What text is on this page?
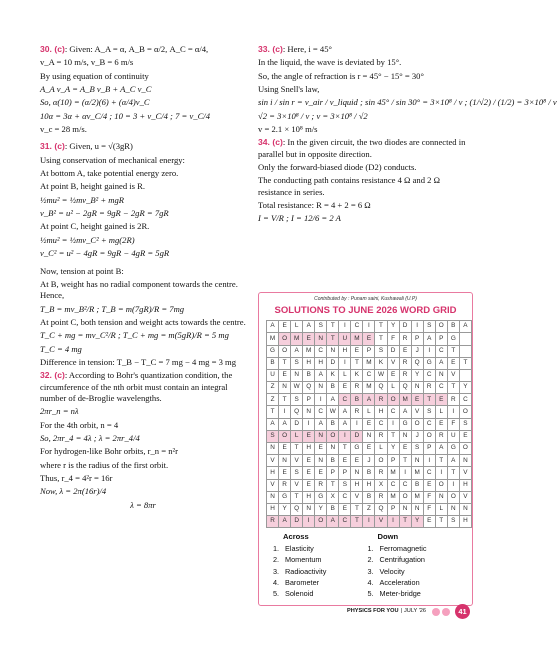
30. (c): Given: A_A = α, A_B = α/2, A_C = α/4,
v_A = 10 m/s, v_B = 6 m/s
By using equation of continuity
A_A v_A = A_B v_B + A_C v_C
So, α(10) = (α/2)(6) + (α/4)v_C
10α = 3α + αv_C/4 ; 10 = 3 + v_C/4 ; 7 = v_C/4
v_c = 28 m/s.
31. (c): Given, u = √(3gR)
Using conservation of mechanical energy:
At bottom A, take potential energy zero.
At point B, height gained is R.
½mu² = ½mv_B² + mgR
v_B² = u² − 2gR = 9gR − 2gR = 7gR
At point C, height gained is 2R.
½mu² = ½mv_C² + mg(2R)
v_C² = u² − 4gR = 9gR − 4gR = 5gR
Now, tension at point B:
At B, weight has no radial component towards the centre. Hence,
T_B = mv_B²/R ; T_B = m(7gR)/R = 7mg
At point C, both tension and weight acts towards the centre.
T_C + mg = mv_C²/R ; T_C + mg = m(5gR)/R = 5 mg
T_C = 4 mg
Difference in tension: T_B − T_C = 7 mg − 4 mg = 3 mg
32. (c): According to Bohr's quantization condition, the circumference of the nth orbit must contain an integral number of de-Broglie wavelengths.
2πr_n = nλ
For the 4th orbit, n = 4
So, 2πr_4 = 4λ ; λ = 2πr_4/4
For hydrogen-like Bohr orbits, r_n = n²r
where r is the radius of the first orbit.
Thus, r_4 = 4²r = 16r
Now, λ = 2π(16r)/4
λ = 8πr
33. (c): Here, i = 45°
In the liquid, the wave is deviated by 15°.
So, the angle of refraction is r = 45° − 15° = 30°
Using Snell's law,
sin i / sin r = v_air / v_liquid ; sin 45° / sin 30° = 3×10⁸ / v ; (1/√2) / (1/2) = 3×10⁸ / v
√2 = 3×10⁸ / v ; v = 3×10⁸ / √2
v = 2.1 × 10⁸ m/s
34. (c): In the given circuit, the two diodes are connected in parallel but in opposite direction.
Only the forward-biased diode (D2) conducts.
The conducting path contains resistance 4 Ω and 2 Ω resistance in series.
Total resistance: R = 4 + 2 = 6 Ω
I = V/R ; I = 12/6 = 2 A
Contributed by : Punam saini, Kushawali (U.P)
SOLUTIONS TO JUNE 2026 WORD GRID
A	E	L	A	S	T	I	C	I	T	Y	D	I	S	O	B	A
M	O	M	E	N	T	U	M	E	T	F	R	P	A	P	G	
G	O	A	M	C	N	H	E	P	S	D	E	J	I	C	T	
B	T	S	H	H	D	I	T	M	K	V	R	Q	G	A	E	T
U	E	N	B	A	K	L	K	C	W	E	R	Y	C	N	V	
Z	N	W	Q	N	B	E	R	M	Q	L	Q	N	R	C	T	Y
Z	T	S	P	I	A	C	B	A	R	O	M	E	T	E	R	C
T	I	Q	N	C	W	A	R	L	H	C	A	V	S	L	I	O
A	A	D	I	A	B	A	I	E	C	I	G	O	C	E	F	S
S	O	L	E	N	O	I	D	N	R	T	N	J	O	R	U	E
N	E	T	H	E	N	T	G	E	L	Y	E	S	P	A	G	O
V	N	V	E	N	B	E	E	J	O	P	T	N	I	T	A	N
H	E	S	E	E	P	P	N	B	R	M	I	M	C	I	T	V
V	R	V	E	R	T	S	H	H	X	C	C	B	E	O	I	H
N	G	T	H	G	X	C	V	B	R	M	O	M	F	N	O	V
H	Y	Q	N	Y	B	E	T	Z	Q	P	N	N	F	L	N	N
R	A	D	I	O	A	C	T	I	V	I	T	Y	E	T	S	H
Across
1. Elasticity
2. Momentum
3. Radioactivity
4. Barometer
5. Solenoid
Down
1. Ferromagnetic
2. Centrifugation
3. Velocity
4. Acceleration
5. Meter-bridge
PHYSICS FOR YOU | JULY '26	41
